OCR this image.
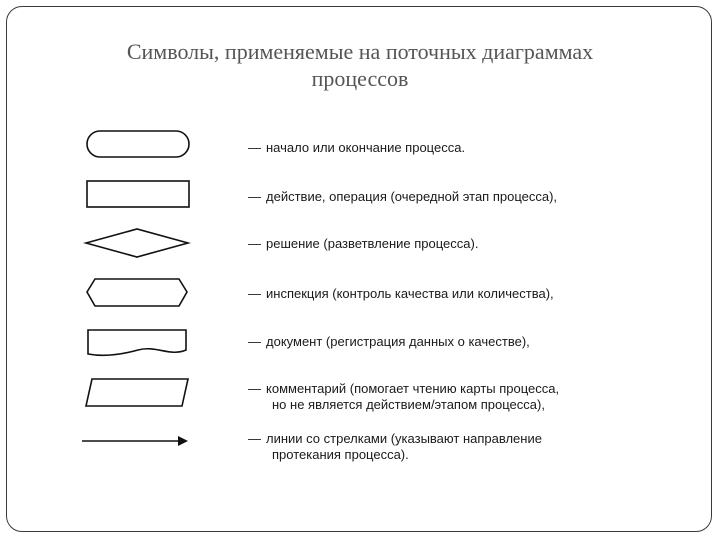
Символы, применяемые на поточных диаграммах
процессов
— начало или окончание процесса.
— действие, операция (очередной этап процесса),
— решение (разветвление процесса).
— инспекция (контроль качества или количества),
— документ (регистрация данных о качестве),
— комментарий (помогает чтению карты процесса,
но не является действием/этапом процесса),
— линии со стрелками (указывают направление
протекания процесса).
